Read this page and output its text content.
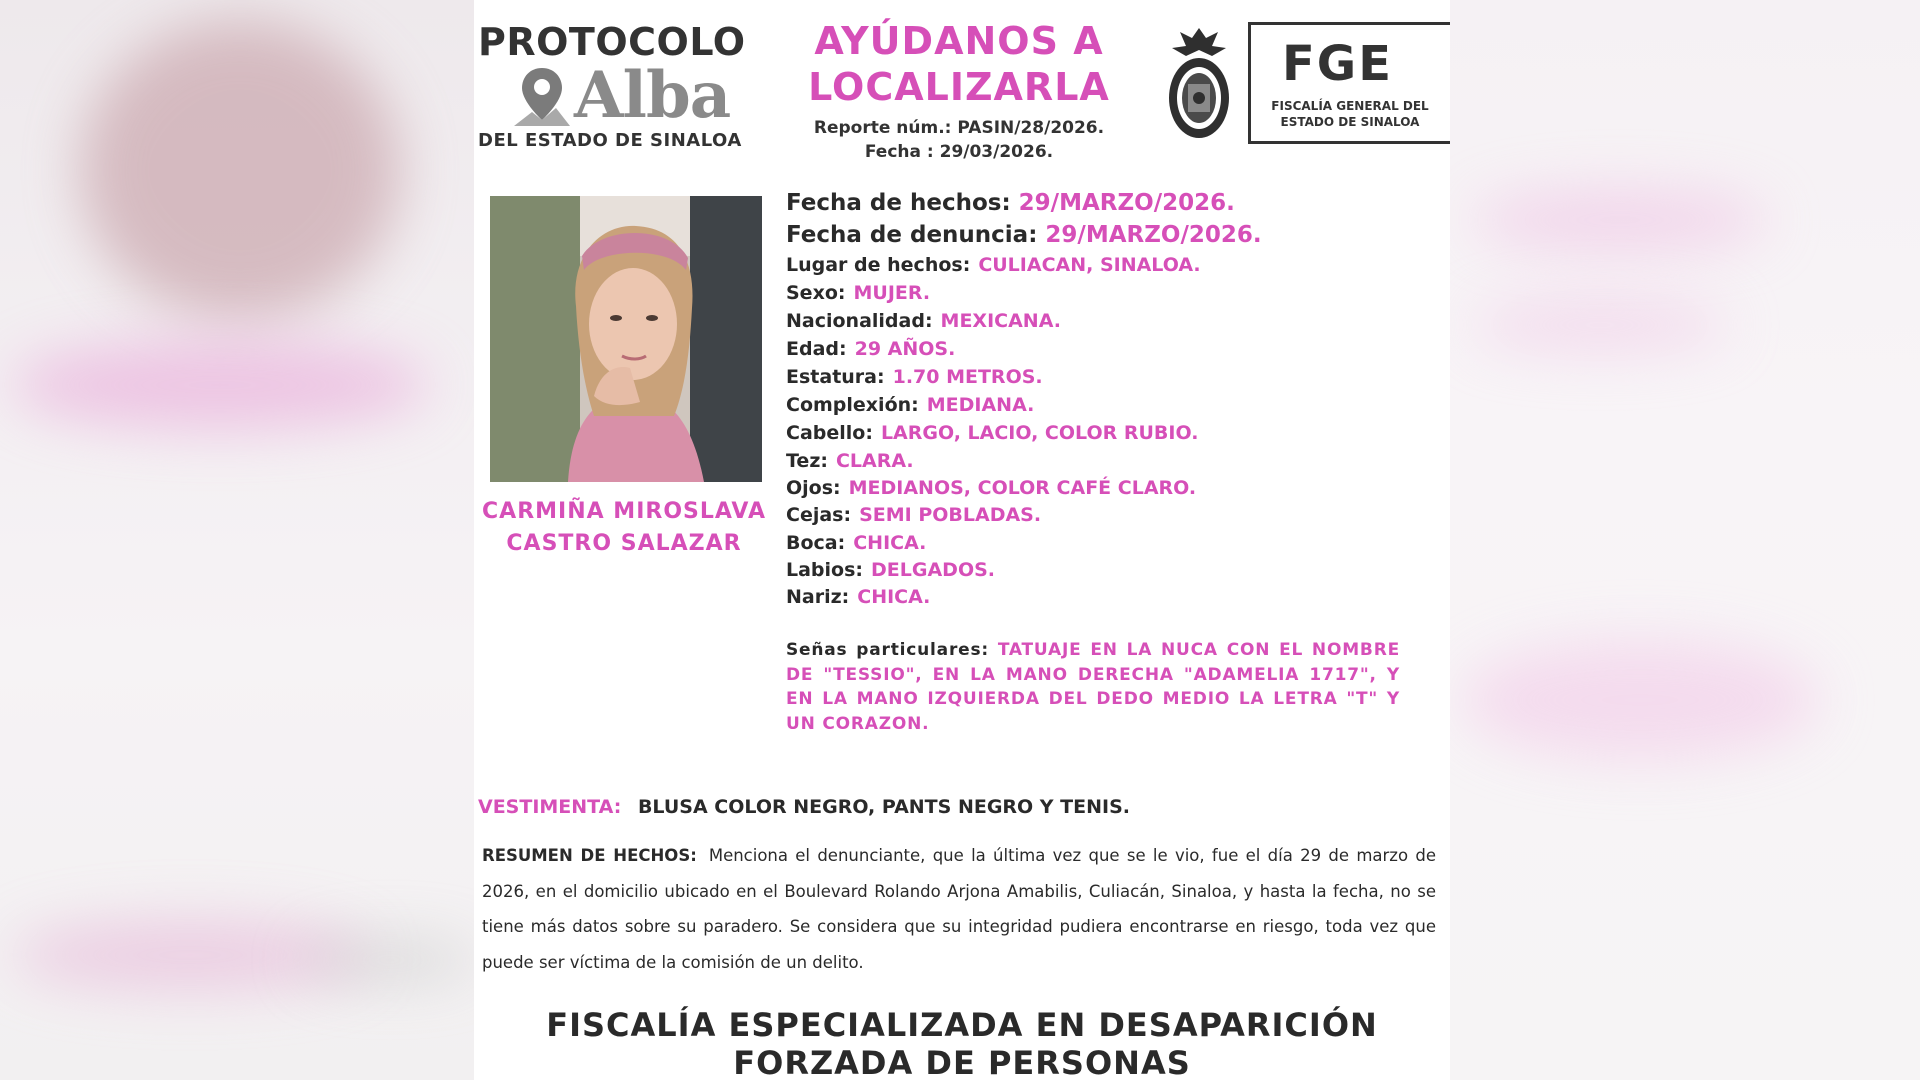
PROTOCOLO
Alba
DEL ESTADO DE SINALOA
AYÚDANOS A
LOCALIZARLA
Reporte núm.: PASIN/28/2026.
Fecha : 29/03/2026.
FGE
FISCALÍA GENERAL DEL
ESTADO DE SINALOA
CARMIÑA MIROSLAVA
CASTRO SALAZAR
Fecha de hechos: 29/MARZO/2026.
Fecha de denuncia: 29/MARZO/2026.
Lugar de hechos: CULIACAN, SINALOA.
Sexo: MUJER.
Nacionalidad: MEXICANA.
Edad: 29 AÑOS.
Estatura: 1.70 METROS.
Complexión: MEDIANA.
Cabello: LARGO, LACIO, COLOR RUBIO.
Tez: CLARA.
Ojos: MEDIANOS, COLOR CAFÉ CLARO.
Cejas: SEMI POBLADAS.
Boca: CHICA.
Labios: DELGADOS.
Nariz: CHICA.
Señas particulares: TATUAJE EN LA NUCA CON EL NOMBRE DE "TESSIO", EN LA MANO DERECHA "ADAMELIA 1717", Y EN LA MANO IZQUIERDA DEL DEDO MEDIO LA LETRA "T" Y UN CORAZON.
VESTIMENTA: BLUSA COLOR NEGRO, PANTS NEGRO Y TENIS.
RESUMEN DE HECHOS: Menciona el denunciante, que la última vez que se le vio, fue el día 29 de marzo de 2026, en el domicilio ubicado en el Boulevard Rolando Arjona Amabilis, Culiacán, Sinaloa, y hasta la fecha, no se tiene más datos sobre su paradero. Se considera que su integridad pudiera encontrarse en riesgo, toda vez que puede ser víctima de la comisión de un delito.
FISCALÍA ESPECIALIZADA EN DESAPARICIÓN
FORZADA DE PERSONAS
